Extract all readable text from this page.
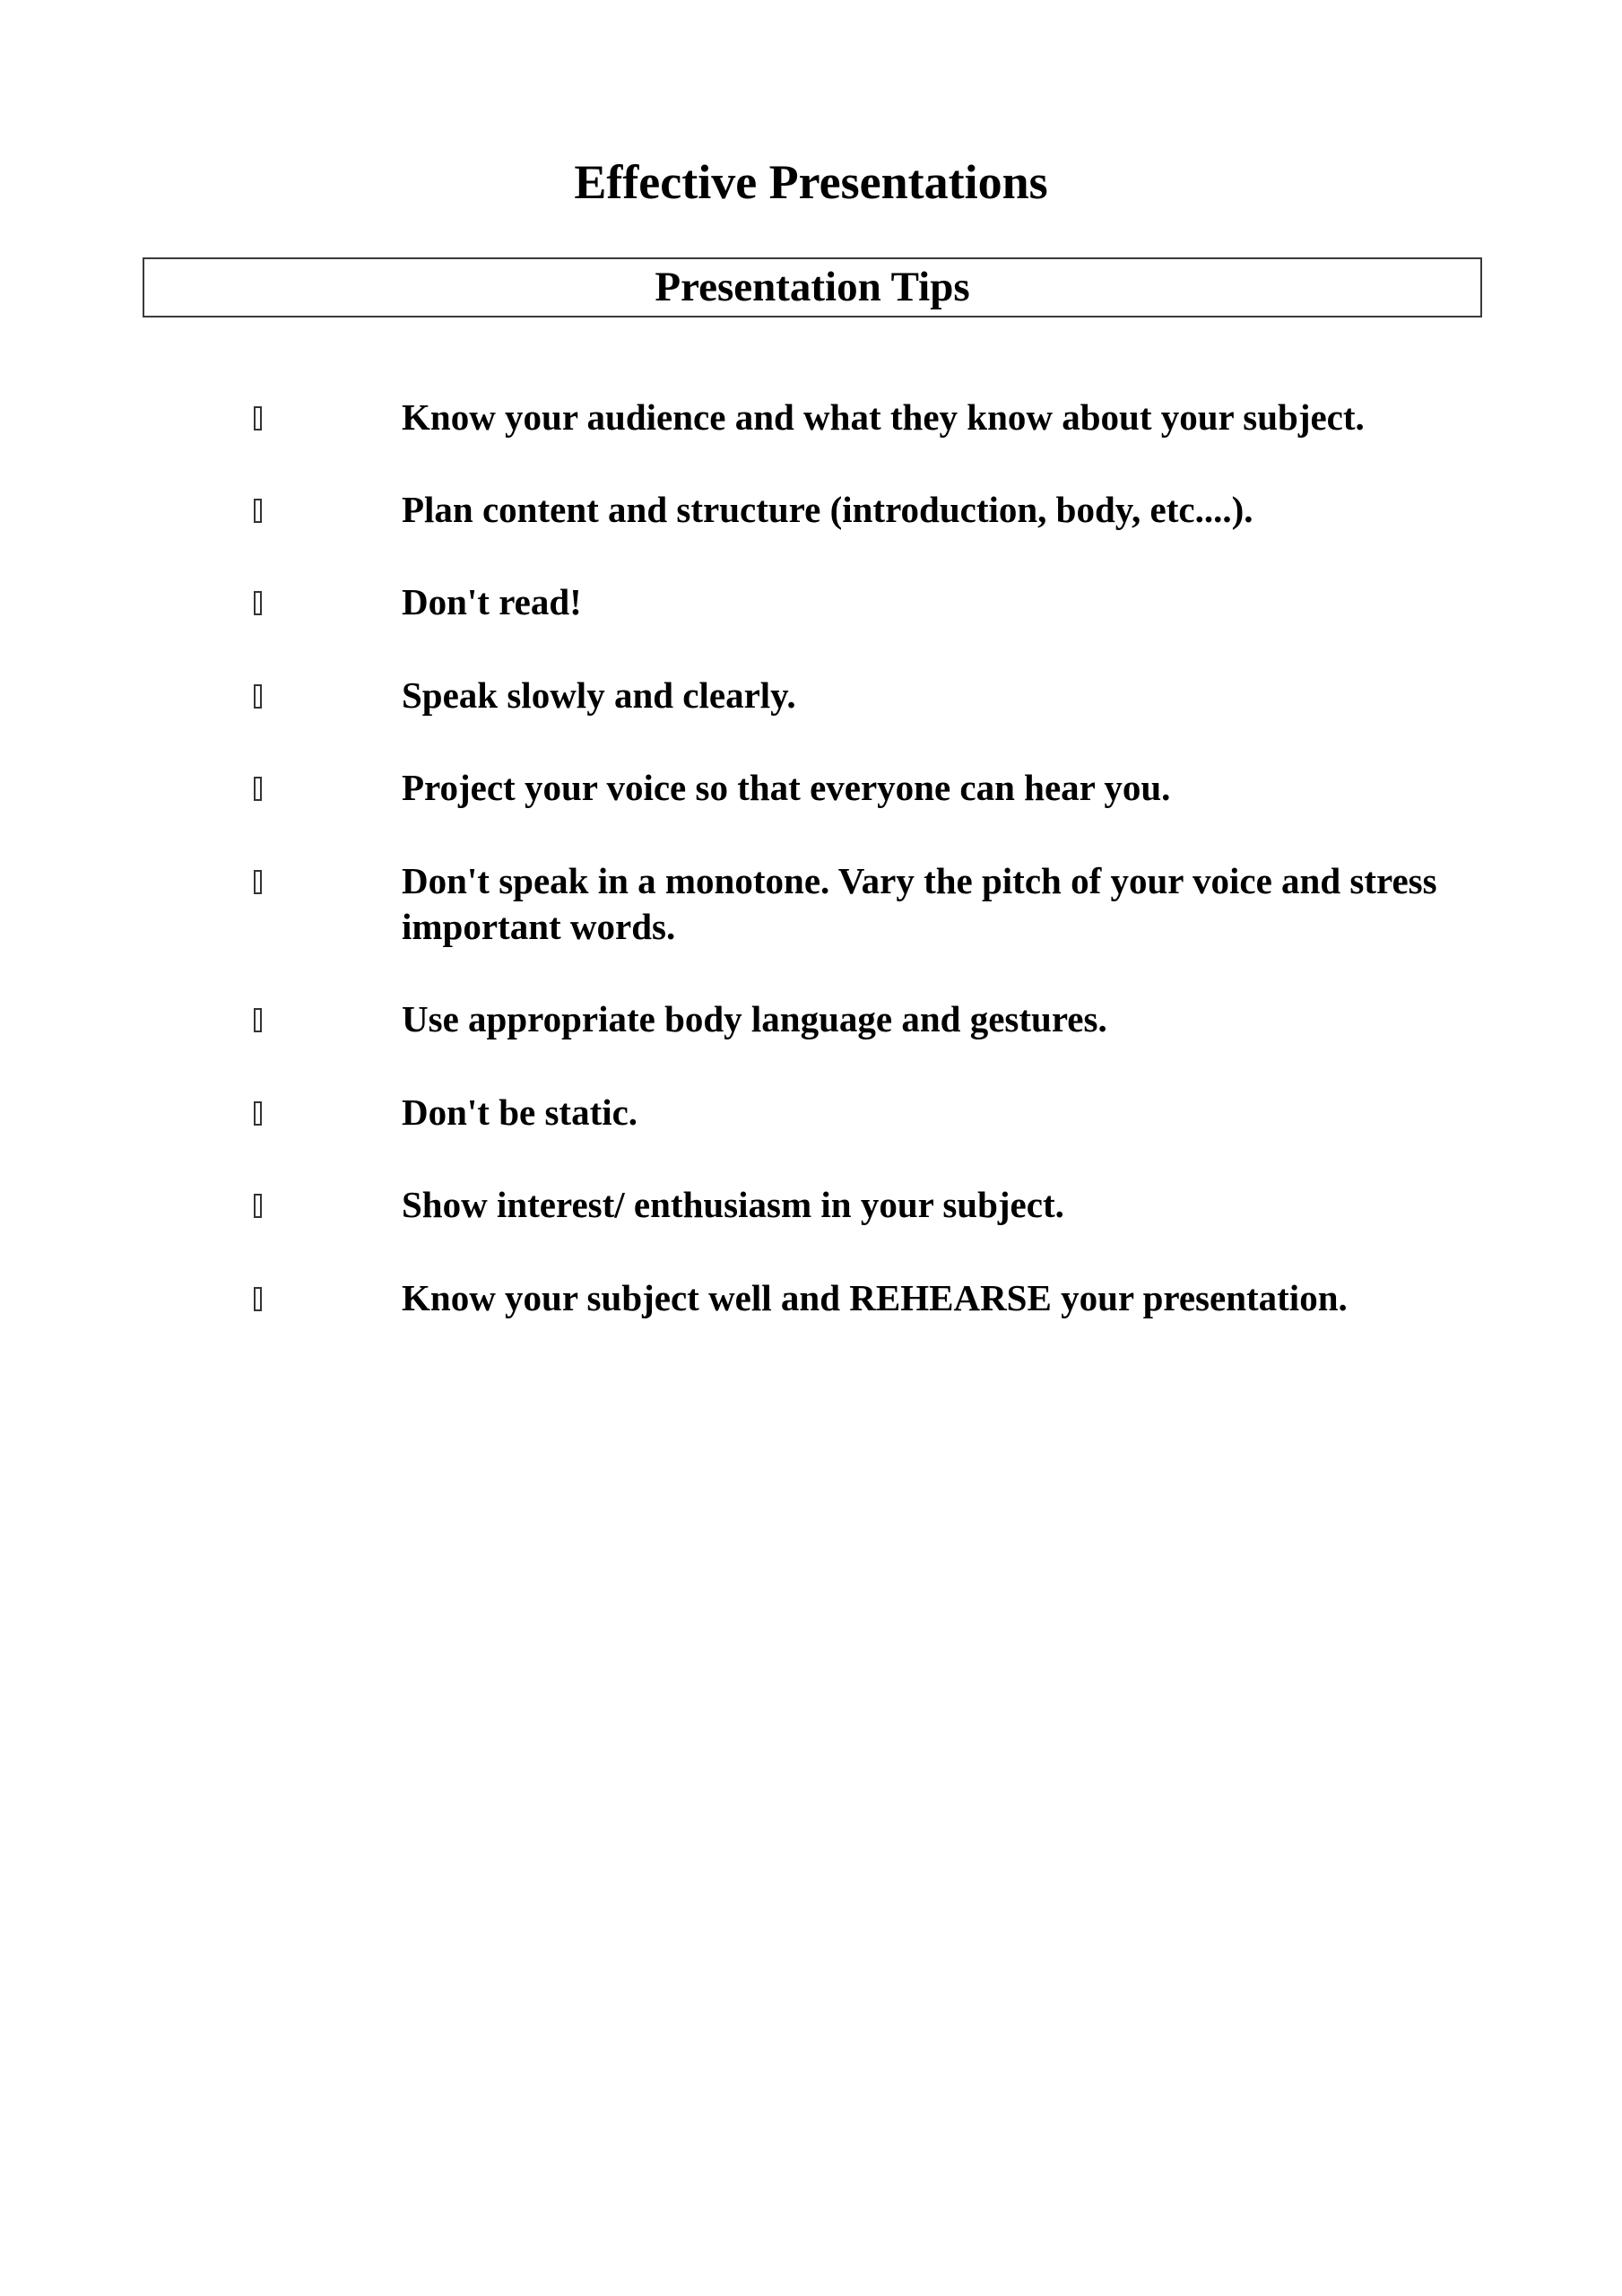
Effective Presentations
Presentation Tips
Know your audience and what they know about your subject.
Plan content and structure (introduction, body, etc....).
Don't read!
Speak slowly and clearly.
Project your voice so that everyone can hear you.
Don't speak in a monotone. Vary the pitch of your voice and stress important words.
Use appropriate body language and gestures.
Don't be static.
Show interest/ enthusiasm in your subject.
Know your subject well and REHEARSE your presentation.
